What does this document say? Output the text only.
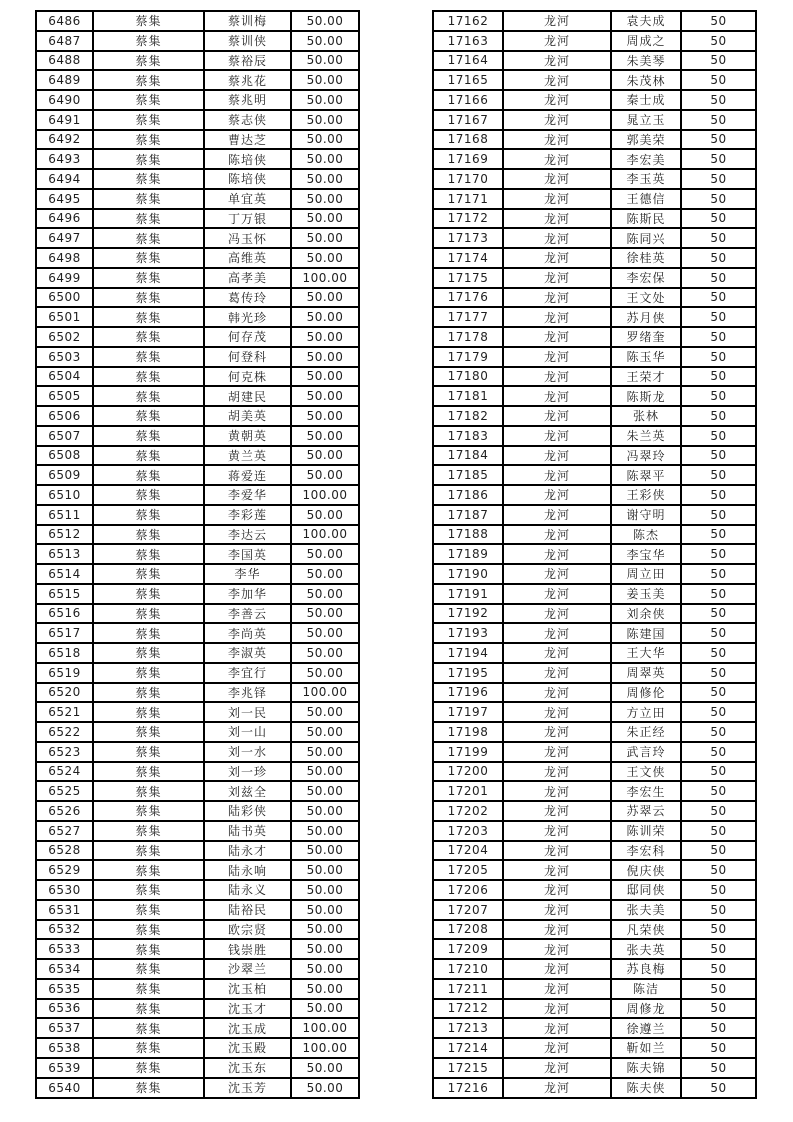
6486	蔡集	蔡训梅	50.00
6487	蔡集	蔡训侠	50.00
6488	蔡集	蔡裕辰	50.00
6489	蔡集	蔡兆花	50.00
6490	蔡集	蔡兆明	50.00
6491	蔡集	蔡志侠	50.00
6492	蔡集	曹达芝	50.00
6493	蔡集	陈培侠	50.00
6494	蔡集	陈培侠	50.00
6495	蔡集	单宜英	50.00
6496	蔡集	丁万银	50.00
6497	蔡集	冯玉怀	50.00
6498	蔡集	高维英	50.00
6499	蔡集	高孝美	100.00
6500	蔡集	葛传玲	50.00
6501	蔡集	韩光珍	50.00
6502	蔡集	何存茂	50.00
6503	蔡集	何登科	50.00
6504	蔡集	何克株	50.00
6505	蔡集	胡建民	50.00
6506	蔡集	胡美英	50.00
6507	蔡集	黄朝英	50.00
6508	蔡集	黄兰英	50.00
6509	蔡集	蒋爱连	50.00
6510	蔡集	李爱华	100.00
6511	蔡集	李彩莲	50.00
6512	蔡集	李达云	100.00
6513	蔡集	李国英	50.00
6514	蔡集	李华	50.00
6515	蔡集	李加华	50.00
6516	蔡集	李善云	50.00
6517	蔡集	李尚英	50.00
6518	蔡集	李淑英	50.00
6519	蔡集	李宜行	50.00
6520	蔡集	李兆铎	100.00
6521	蔡集	刘一民	50.00
6522	蔡集	刘一山	50.00
6523	蔡集	刘一水	50.00
6524	蔡集	刘一珍	50.00
6525	蔡集	刘兹全	50.00
6526	蔡集	陆彩侠	50.00
6527	蔡集	陆书英	50.00
6528	蔡集	陆永才	50.00
6529	蔡集	陆永响	50.00
6530	蔡集	陆永义	50.00
6531	蔡集	陆裕民	50.00
6532	蔡集	欧宗贤	50.00
6533	蔡集	钱崇胜	50.00
6534	蔡集	沙翠兰	50.00
6535	蔡集	沈玉柏	50.00
6536	蔡集	沈玉才	50.00
6537	蔡集	沈玉成	100.00
6538	蔡集	沈玉殿	100.00
6539	蔡集	沈玉东	50.00
6540	蔡集	沈玉芳	50.00
17162	龙河	袁夫成	50
17163	龙河	周成之	50
17164	龙河	朱美琴	50
17165	龙河	朱茂林	50
17166	龙河	秦士成	50
17167	龙河	晁立玉	50
17168	龙河	郭美荣	50
17169	龙河	李宏美	50
17170	龙河	李玉英	50
17171	龙河	王德信	50
17172	龙河	陈斯民	50
17173	龙河	陈同兴	50
17174	龙河	徐桂英	50
17175	龙河	李宏保	50
17176	龙河	王文处	50
17177	龙河	苏月侠	50
17178	龙河	罗绪奎	50
17179	龙河	陈玉华	50
17180	龙河	王荣才	50
17181	龙河	陈斯龙	50
17182	龙河	张林	50
17183	龙河	朱兰英	50
17184	龙河	冯翠玲	50
17185	龙河	陈翠平	50
17186	龙河	王彩侠	50
17187	龙河	谢守明	50
17188	龙河	陈杰	50
17189	龙河	李宝华	50
17190	龙河	周立田	50
17191	龙河	姜玉美	50
17192	龙河	刘余侠	50
17193	龙河	陈建国	50
17194	龙河	王大华	50
17195	龙河	周翠英	50
17196	龙河	周修伦	50
17197	龙河	方立田	50
17198	龙河	朱正经	50
17199	龙河	武言玲	50
17200	龙河	王文侠	50
17201	龙河	李宏生	50
17202	龙河	苏翠云	50
17203	龙河	陈训荣	50
17204	龙河	李宏科	50
17205	龙河	倪庆侠	50
17206	龙河	邸同侠	50
17207	龙河	张夫美	50
17208	龙河	凡荣侠	50
17209	龙河	张夫英	50
17210	龙河	苏良梅	50
17211	龙河	陈洁	50
17212	龙河	周修龙	50
17213	龙河	徐遵兰	50
17214	龙河	靳如兰	50
17215	龙河	陈夫锦	50
17216	龙河	陈夫侠	50
